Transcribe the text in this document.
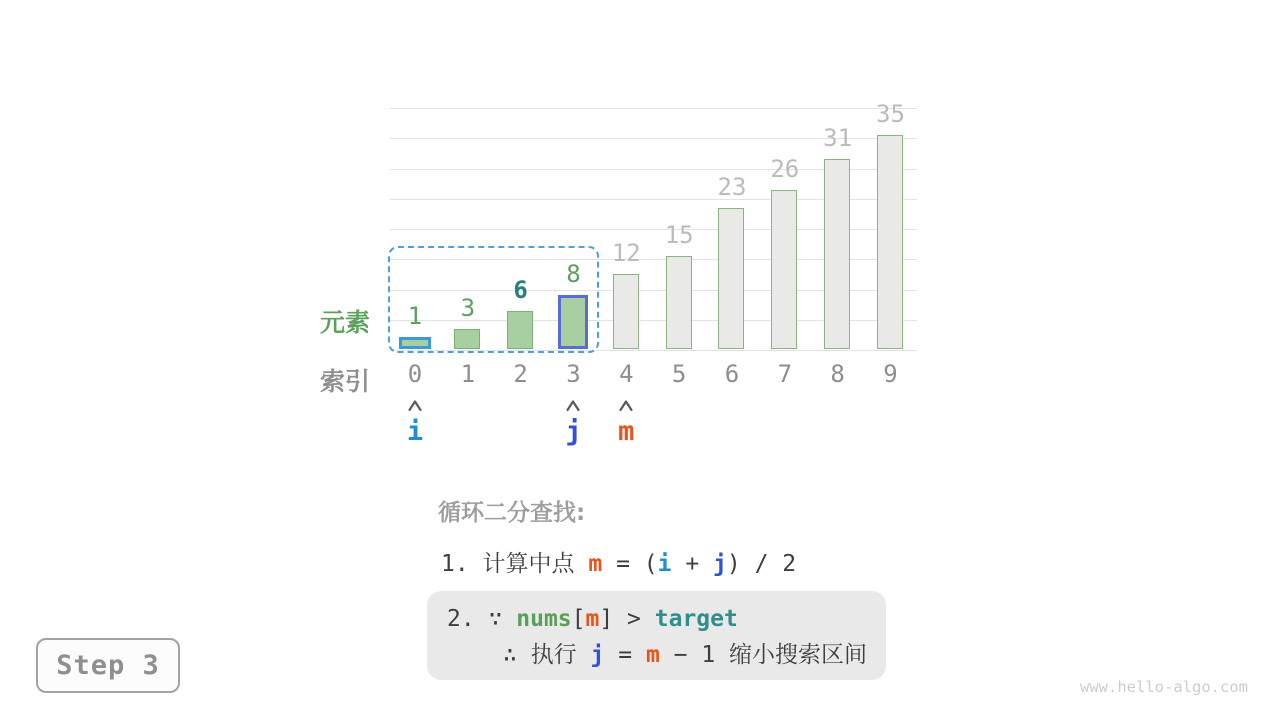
1
0
3
1
6
2
8
3
12
4
15
5
23
6
26
7
31
8
35
9
i	j	m
元素
索引
循环二分查找:
1. 计算中点 m = (i + j) / 2
2. ∵ nums[m] > target
∴ 执行 j = m − 1 缩小搜索区间
Step 3
www.hello-algo.com
